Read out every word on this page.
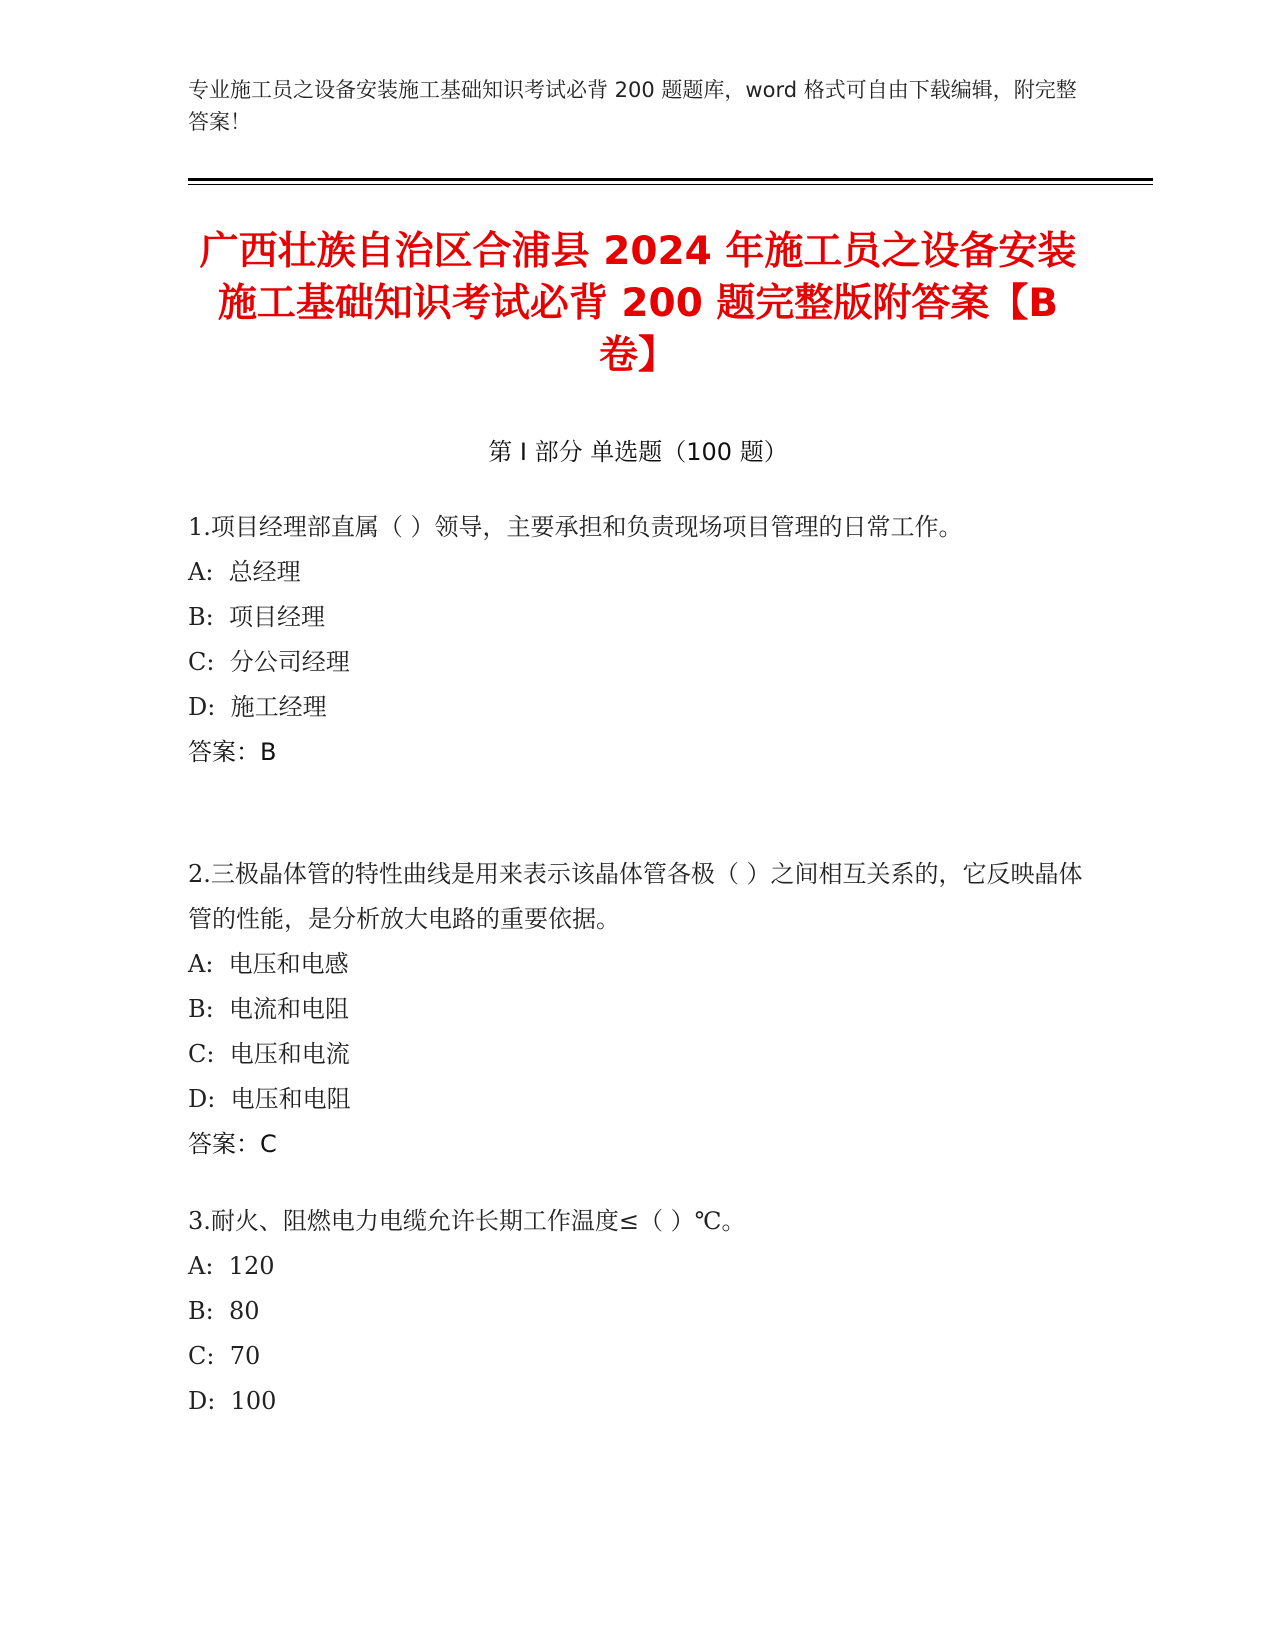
专业施工员之设备安装施工基础知识考试必背 200 题题库，word 格式可自由下载编辑，附完整答案！
广西壮族自治区合浦县 2024 年施工员之设备安装施工基础知识考试必背 200 题完整版附答案【B 卷】
第 I 部分 单选题（100 题）

1.项目经理部直属（ ）领导，主要承担和负责现场项目管理的日常工作。

A:  总经理

B:  项目经理

C:  分公司经理

D:  施工经理

答案：B

2.三极晶体管的特性曲线是用来表示该晶体管各极（ ）之间相互关系的，它反映晶体管的性能，是分析放大电路的重要依据。

A:  电压和电感

B:  电流和电阻

C:  电压和电流

D:  电压和电阻

答案：C

3.耐火、阻燃电力电缆允许长期工作温度≤（ ）℃。

A:  120

B:  80

C:  70

D:  100
